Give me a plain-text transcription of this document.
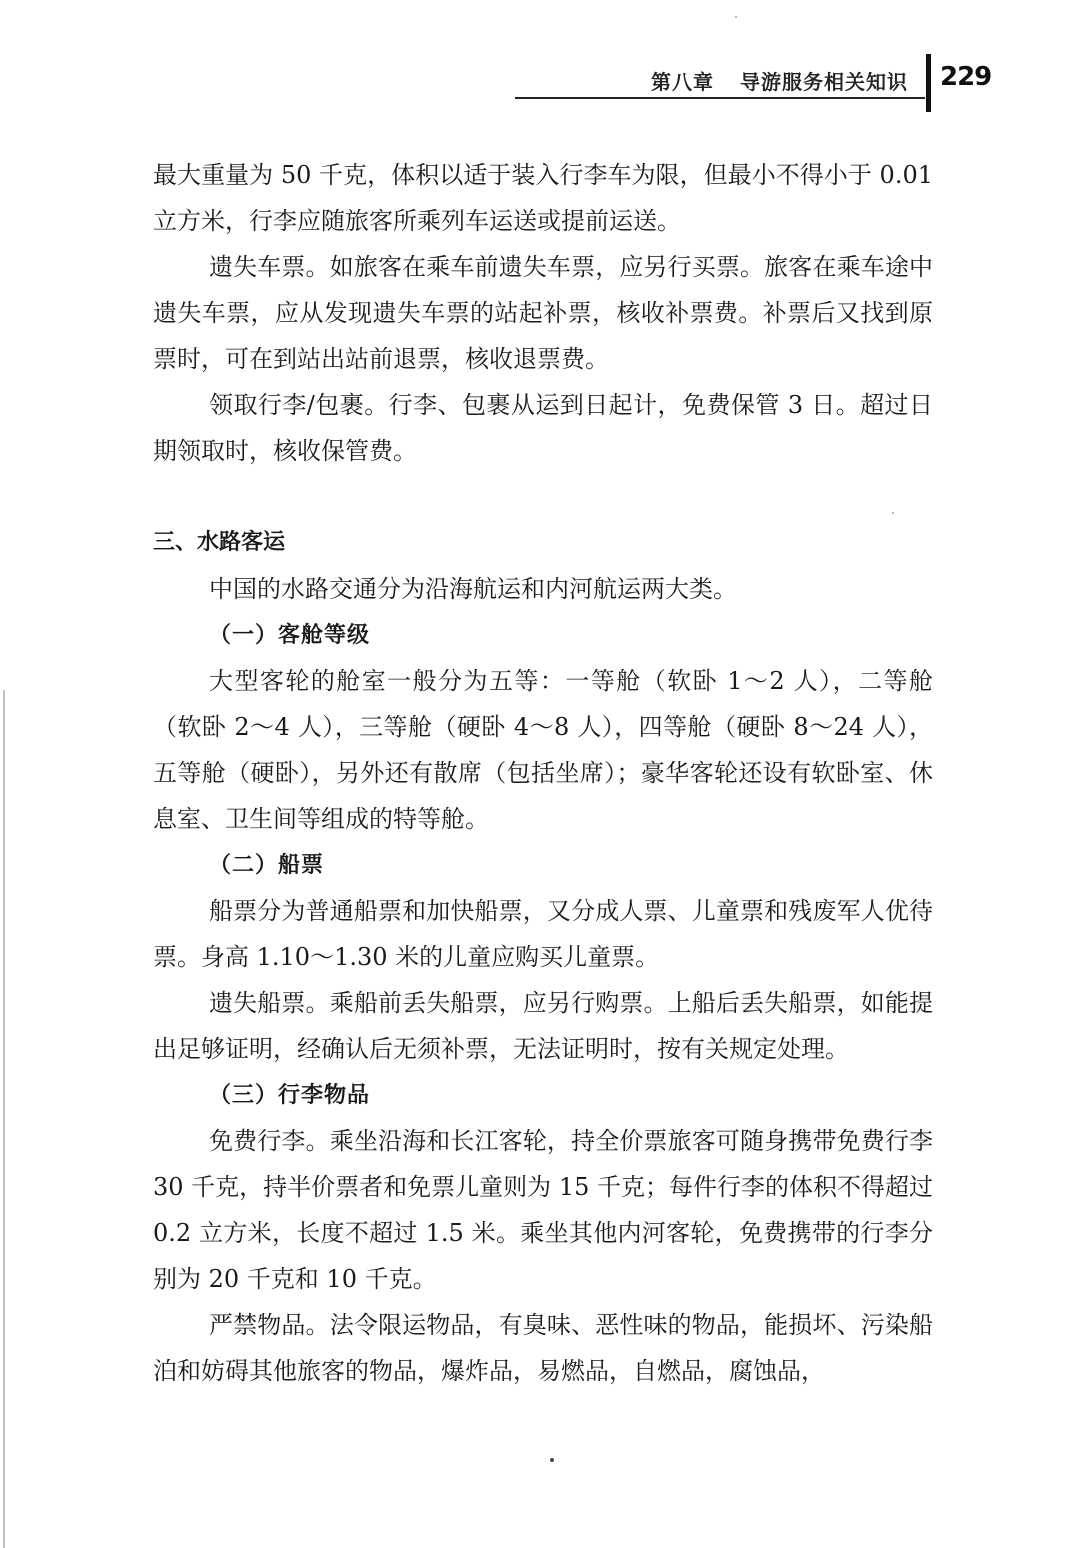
第八章 导游服务相关知识 229

最大重量为 50 千克，体积以适于装入行李车为限，但最小不得小于 0.01 立方米，行李应随旅客所乘列车运送或提前运送。

遗失车票。如旅客在乘车前遗失车票，应另行买票。旅客在乘车途中遗失车票，应从发现遗失车票的站起补票，核收补票费。补票后又找到原票时，可在到站出站前退票，核收退票费。

领取行李/包裹。行李、包裹从运到日起计，免费保管 3 日。超过日期领取时，核收保管费。

三、水路客运

中国的水路交通分为沿海航运和内河航运两大类。

（一）客舱等级

大型客轮的舱室一般分为五等：一等舱（软卧 1～2 人），二等舱（软卧 2～4 人），三等舱（硬卧 4～8 人），四等舱（硬卧 8～24 人），五等舱（硬卧），另外还有散席（包括坐席）；豪华客轮还设有软卧室、休息室、卫生间等组成的特等舱。

（二）船票

船票分为普通船票和加快船票，又分成人票、儿童票和残废军人优待票。身高 1.10～1.30 米的儿童应购买儿童票。

遗失船票。乘船前丢失船票，应另行购票。上船后丢失船票，如能提出足够证明，经确认后无须补票，无法证明时，按有关规定处理。

（三）行李物品

免费行李。乘坐沿海和长江客轮，持全价票旅客可随身携带免费行李 30 千克，持半价票者和免票儿童则为 15 千克；每件行李的体积不得超过 0.2 立方米，长度不超过 1.5 米。乘坐其他内河客轮，免费携带的行李分别为 20 千克和 10 千克。

严禁物品。法令限运物品，有臭味、恶性味的物品，能损坏、污染船泊和妨碍其他旅客的物品，爆炸品，易燃品，自燃品，腐蚀品，
